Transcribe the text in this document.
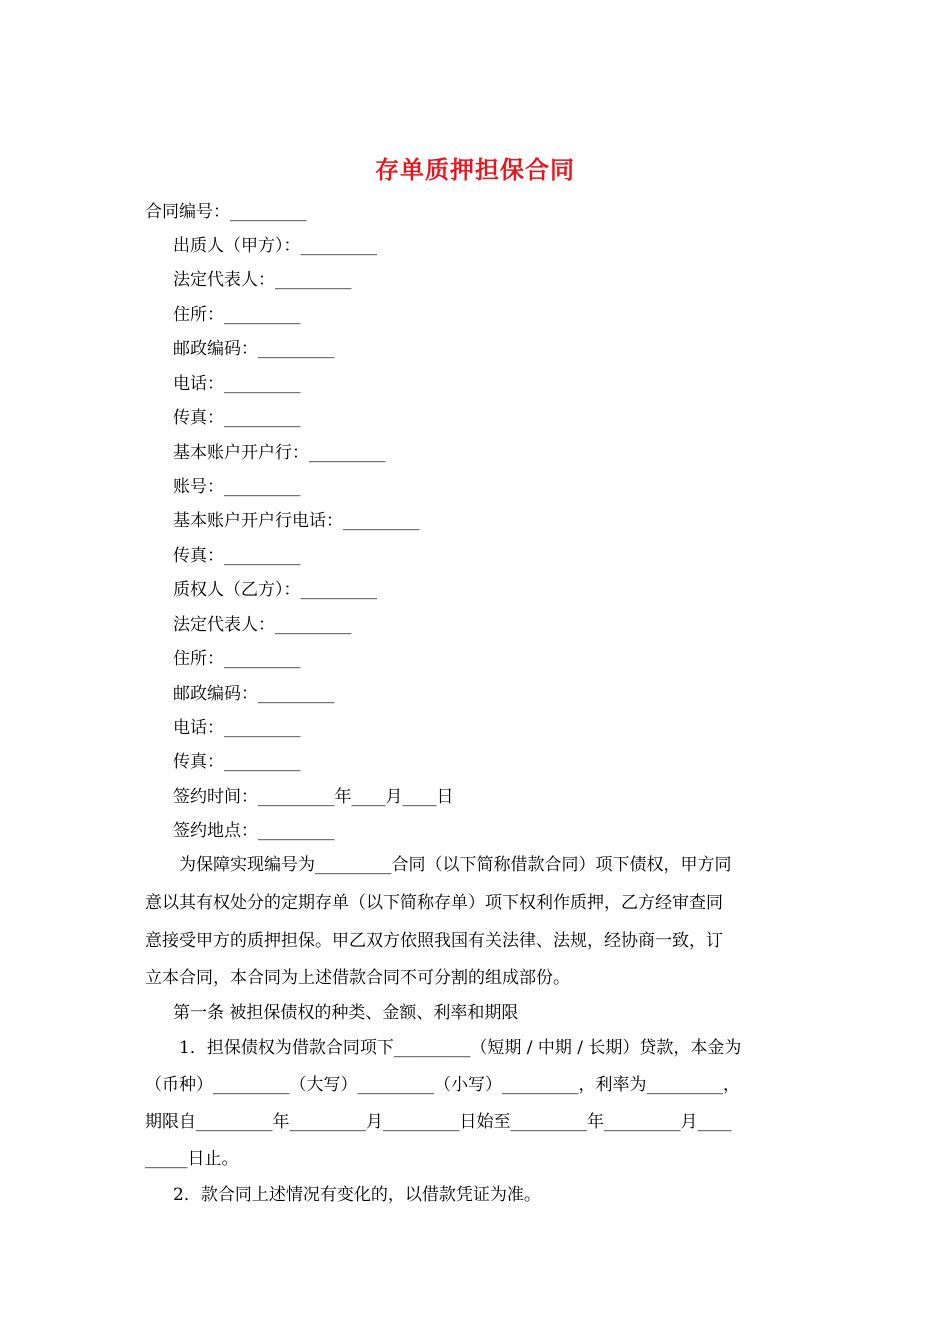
存单质押担保合同
合同编号：_________
出质人（甲方）：_________
法定代表人：_________
住所：_________
邮政编码：_________
电话：_________
传真：_________
基本账户开户行：_________
账号：_________
基本账户开户行电话：_________
传真：_________
质权人（乙方）：_________
法定代表人：_________
住所：_________
邮政编码：_________
电话：_________
传真：_________
签约时间：_________年____月____日
签约地点：_________
　　为保障实现编号为_________合同（以下简称借款合同）项下债权，甲方同
意以其有权处分的定期存单（以下简称存单）项下权利作质押，乙方经审查同
意接受甲方的质押担保。甲乙双方依照我国有关法律、法规，经协商一致，订
立本合同，本合同为上述借款合同不可分割的组成部份。
第一条 被担保债权的种类、金额、利率和期限
　　1．担保债权为借款合同项下_________（短期 / 中期 / 长期）贷款，本金为
（币种）_________（大写）_________（小写）_________，利率为_________，
期限自_________年_________月_________日始至_________年_________月____
_____日止。
2．款合同上述情况有变化的，以借款凭证为准。
